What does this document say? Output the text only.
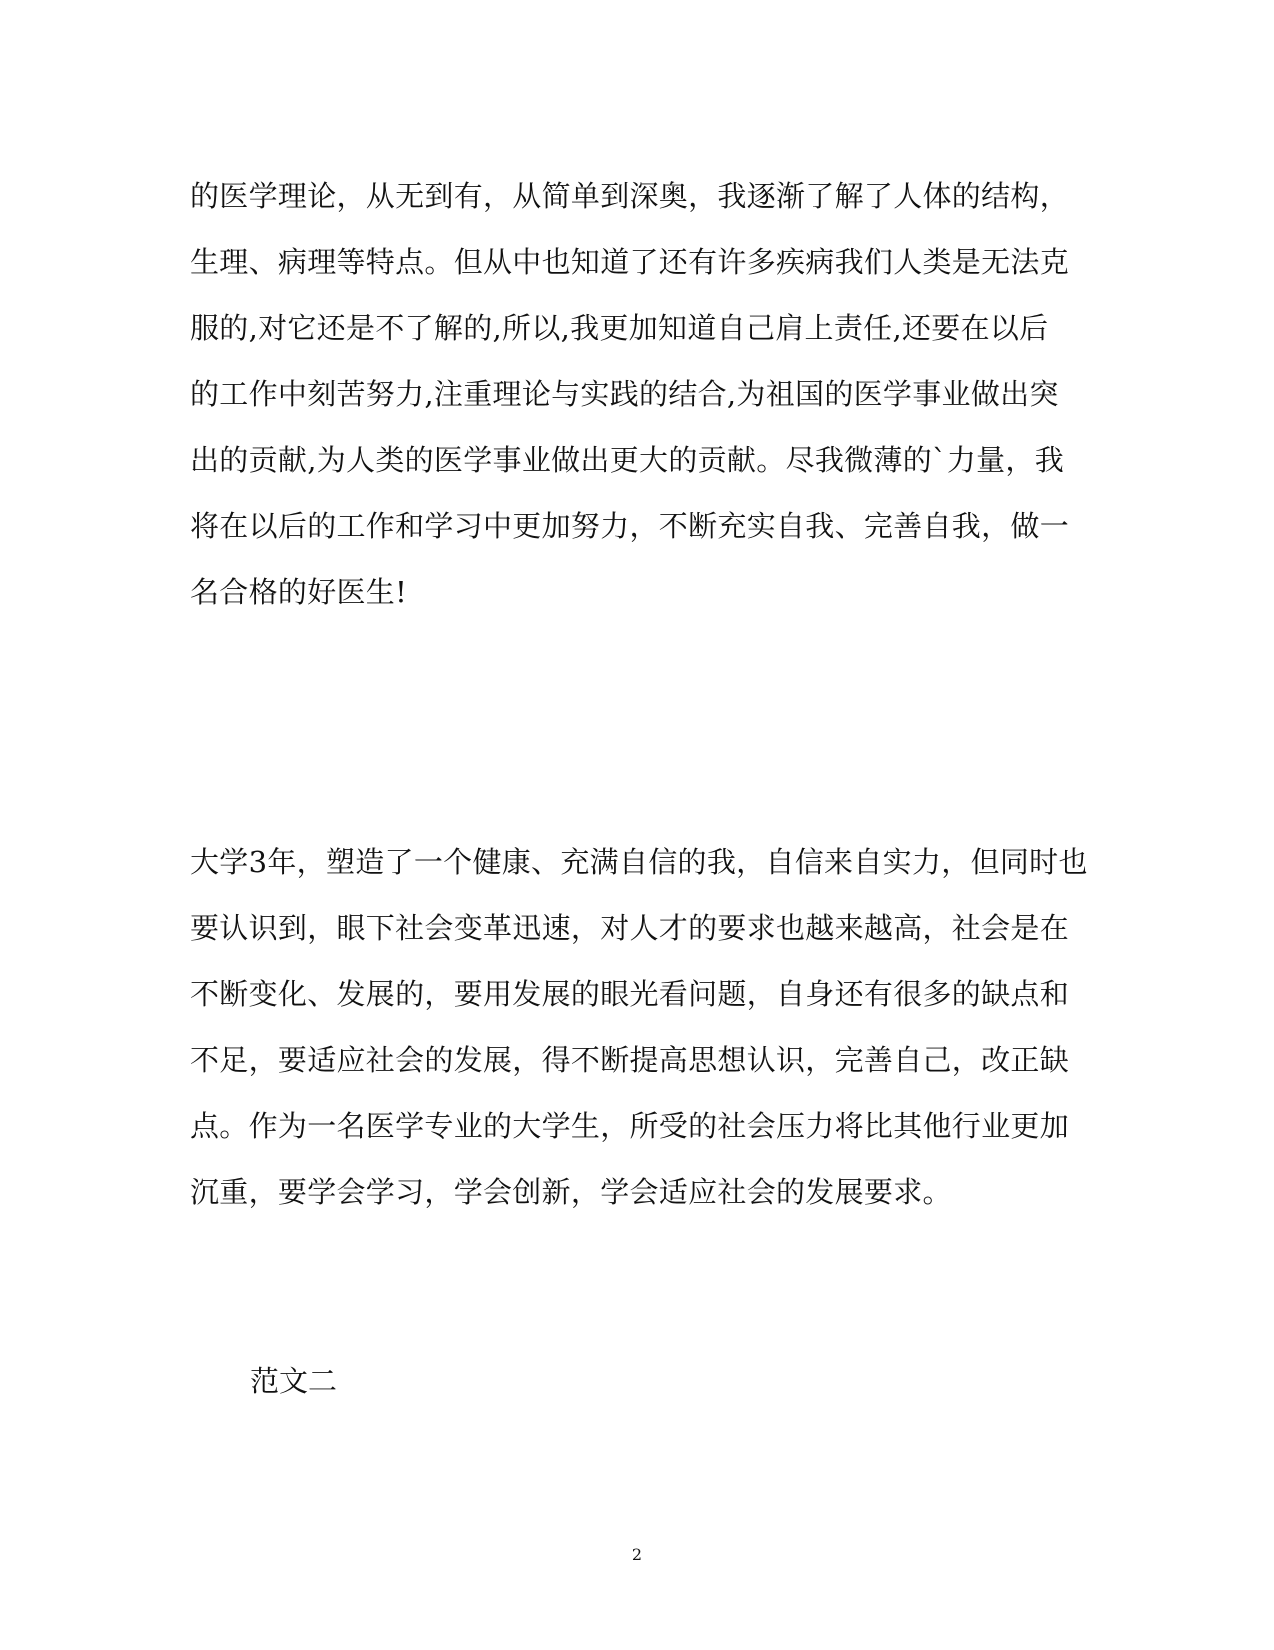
的医学理论，从无到有，从简单到深奥，我逐渐了解了人体的结构，
生理、病理等特点。但从中也知道了还有许多疾病我们人类是无法克
服的,对它还是不了解的,所以,我更加知道自己肩上责任,还要在以后
的工作中刻苦努力,注重理论与实践的结合,为祖国的医学事业做出突
出的贡献,为人类的医学事业做出更大的贡献。尽我微薄的`力量，我
将在以后的工作和学习中更加努力，不断充实自我、完善自我，做一
名合格的好医生!
大学3年，塑造了一个健康、充满自信的我，自信来自实力，但同时也
要认识到，眼下社会变革迅速，对人才的要求也越来越高，社会是在
不断变化、发展的，要用发展的眼光看问题，自身还有很多的缺点和
不足，要适应社会的发展，得不断提高思想认识，完善自己，改正缺
点。作为一名医学专业的大学生，所受的社会压力将比其他行业更加
沉重，要学会学习，学会创新，学会适应社会的发展要求。
范文二
2
